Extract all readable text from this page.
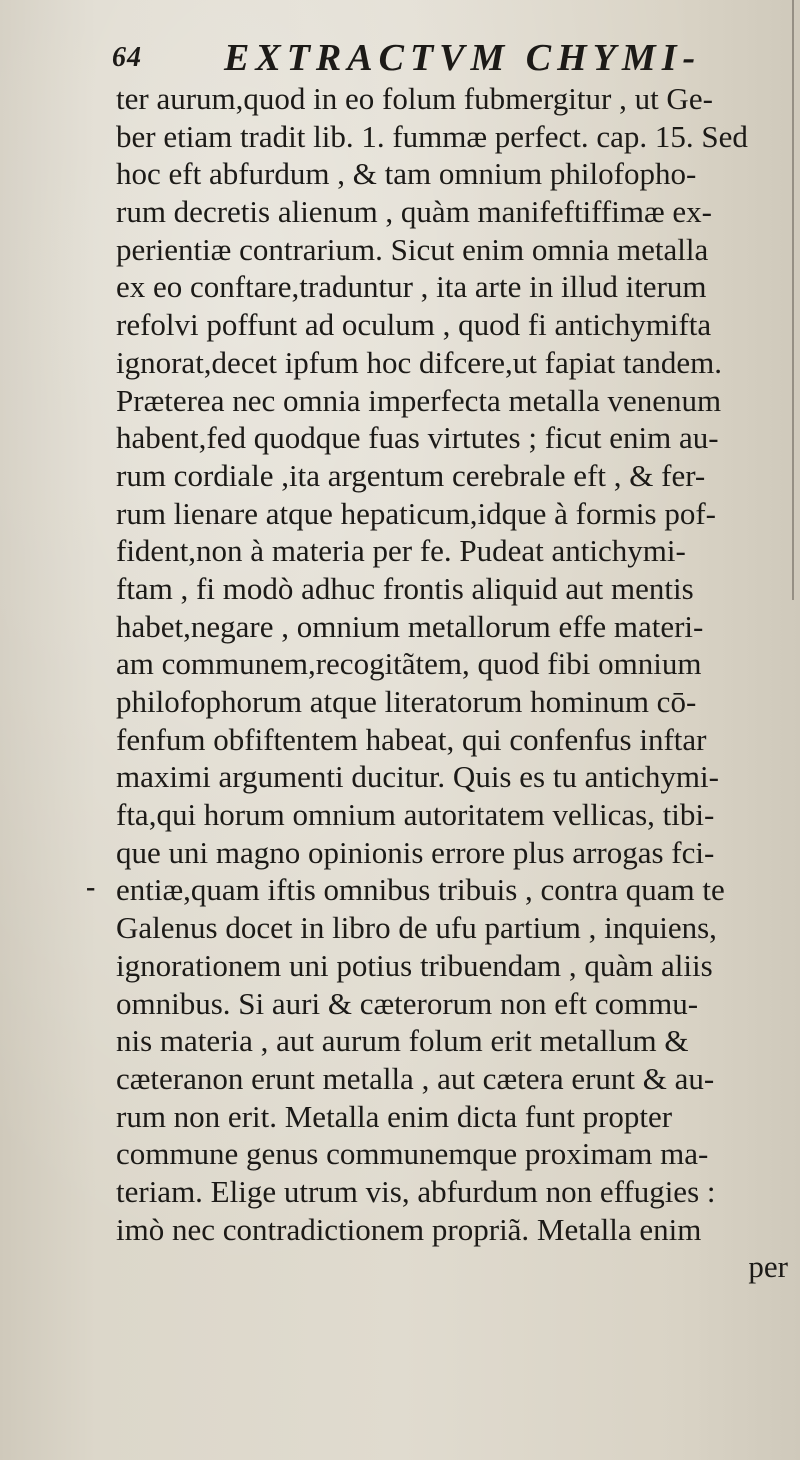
64 EXTRACTVM CHYMI-
-
ter aurum,quod in eo folum fubmergitur , ut Ge-
ber etiam tradit lib. 1. fummæ perfect. cap. 15. Sed
hoc eft abfurdum , & tam omnium philofopho-
rum decretis alienum , quàm manifeftiffimæ ex-
perientiæ contrarium. Sicut enim omnia metalla
ex eo conftare,traduntur , ita arte in illud iterum
refolvi poffunt ad oculum , quod fi antichymifta
ignorat,decet ipfum hoc difcere,ut fapiat tandem.
Præterea nec omnia imperfecta metalla venenum
habent,fed quodque fuas virtutes ; ficut enim au-
rum cordiale ,ita argentum cerebrale eft , & fer-
rum lienare atque hepaticum,idque à formis pof-
fident,non à materia per fe. Pudeat antichymi-
ftam , fi modò adhuc frontis aliquid aut mentis
habet,negare , omnium metallorum effe materi-
am communem,recogitãtem, quod fibi omnium
philofophorum atque literatorum hominum cō-
fenfum obfiftentem habeat, qui confenfus inftar
maximi argumenti ducitur. Quis es tu antichymi-
fta,qui horum omnium autoritatem vellicas, tibi-
que uni magno opinionis errore plus arrogas fci-
entiæ,quam iftis omnibus tribuis , contra quam te
Galenus docet in libro de ufu partium , inquiens,
ignorationem uni potius tribuendam , quàm aliis
omnibus. Si auri & cæterorum non eft commu-
nis materia , aut aurum folum erit metallum &
cæteranon erunt metalla , aut cætera erunt & au-
rum non erit. Metalla enim dicta funt propter
commune genus communemque proximam ma-
teriam. Elige utrum vis, abfurdum non effugies :
imò nec contradictionem propriã. Metalla enim
per
